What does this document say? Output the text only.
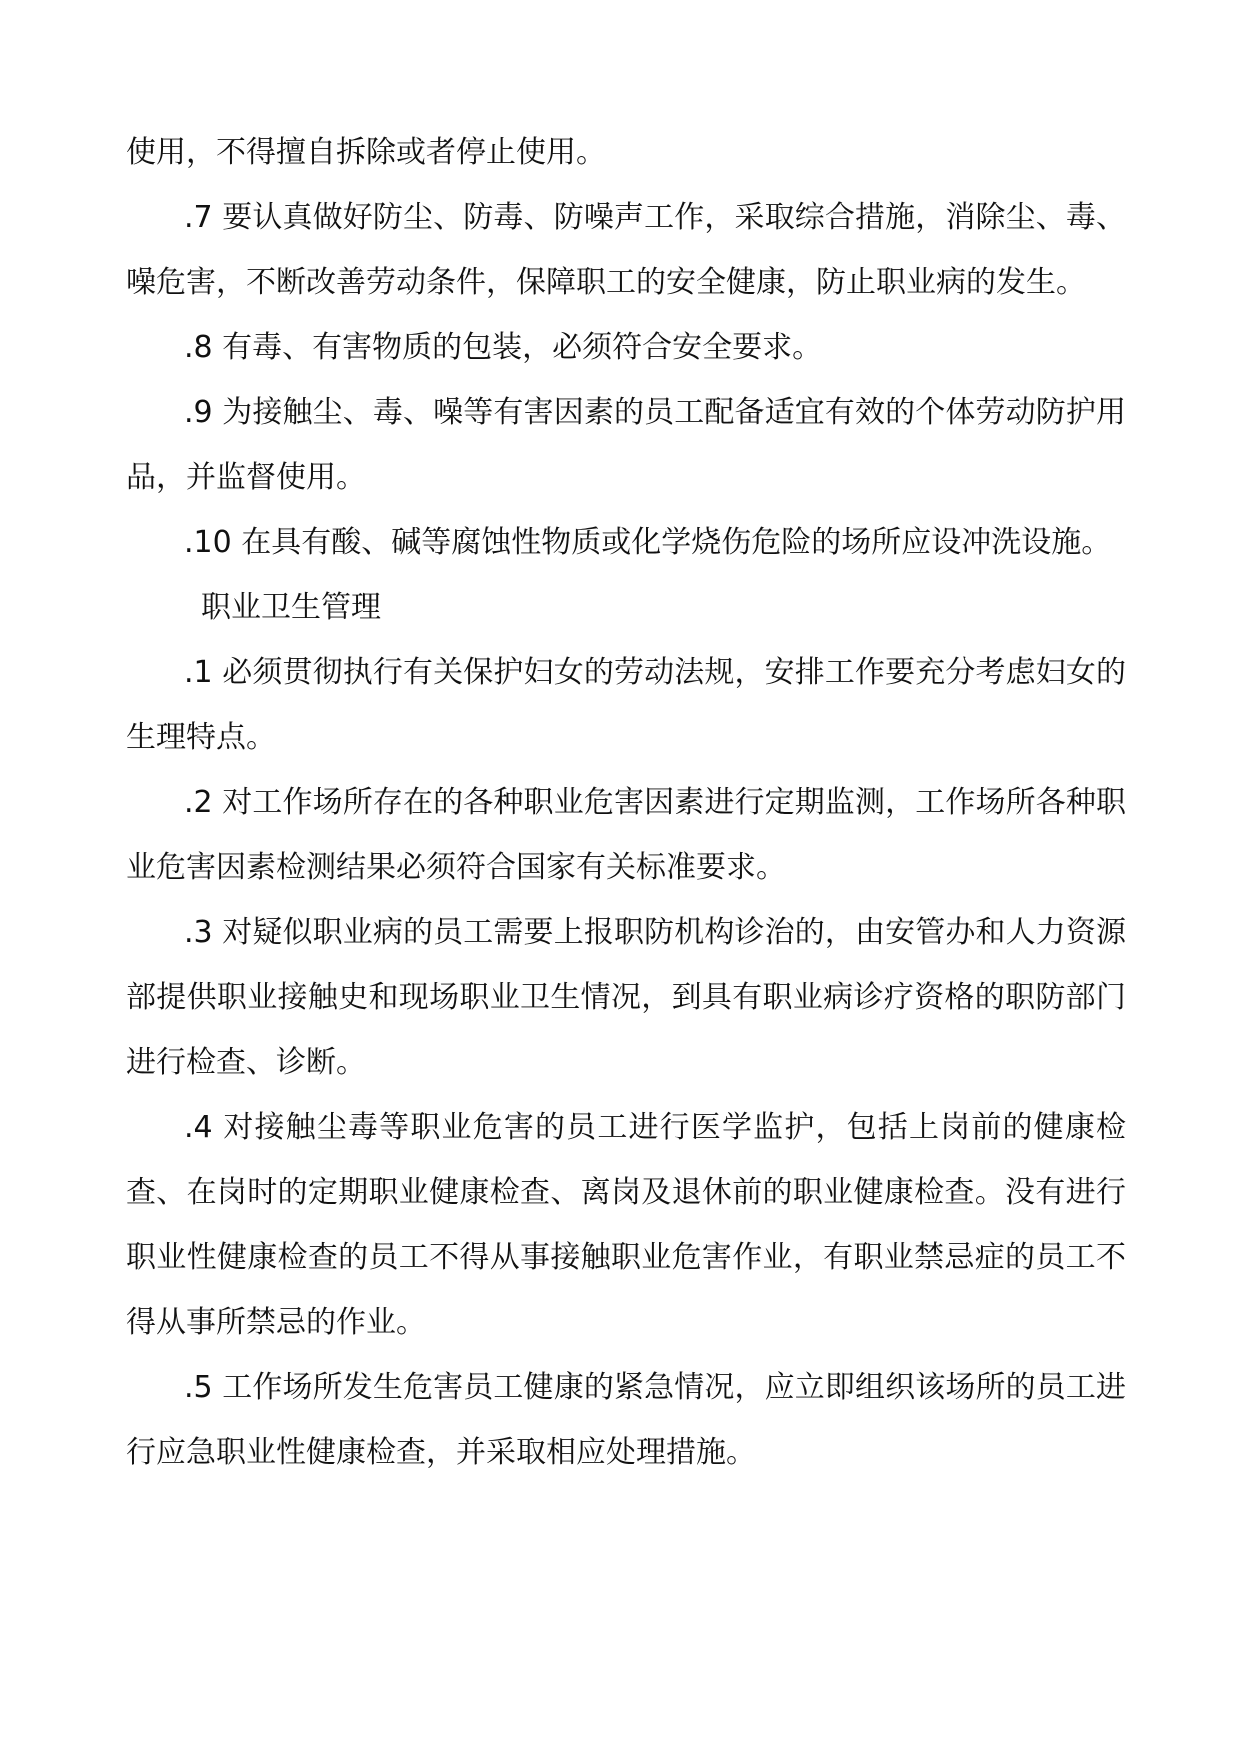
使用，不得擅自拆除或者停止使用。

.7 要认真做好防尘、防毒、防噪声工作，采取综合措施，消除尘、毒、噪危害，不断改善劳动条件，保障职工的安全健康，防止职业病的发生。

.8 有毒、有害物质的包装，必须符合安全要求。

.9 为接触尘、毒、噪等有害因素的员工配备适宜有效的个体劳动防护用品，并监督使用。

.10 在具有酸、碱等腐蚀性物质或化学烧伤危险的场所应设冲洗设施。

职业卫生管理

.1 必须贯彻执行有关保护妇女的劳动法规，安排工作要充分考虑妇女的生理特点。

.2 对工作场所存在的各种职业危害因素进行定期监测，工作场所各种职业危害因素检测结果必须符合国家有关标准要求。

.3 对疑似职业病的员工需要上报职防机构诊治的，由安管办和人力资源部提供职业接触史和现场职业卫生情况，到具有职业病诊疗资格的职防部门进行检查、诊断。

.4 对接触尘毒等职业危害的员工进行医学监护，包括上岗前的健康检查、在岗时的定期职业健康检查、离岗及退休前的职业健康检查。没有进行职业性健康检查的员工不得从事接触职业危害作业，有职业禁忌症的员工不得从事所禁忌的作业。

.5 工作场所发生危害员工健康的紧急情况，应立即组织该场所的员工进行应急职业性健康检查，并采取相应处理措施。
